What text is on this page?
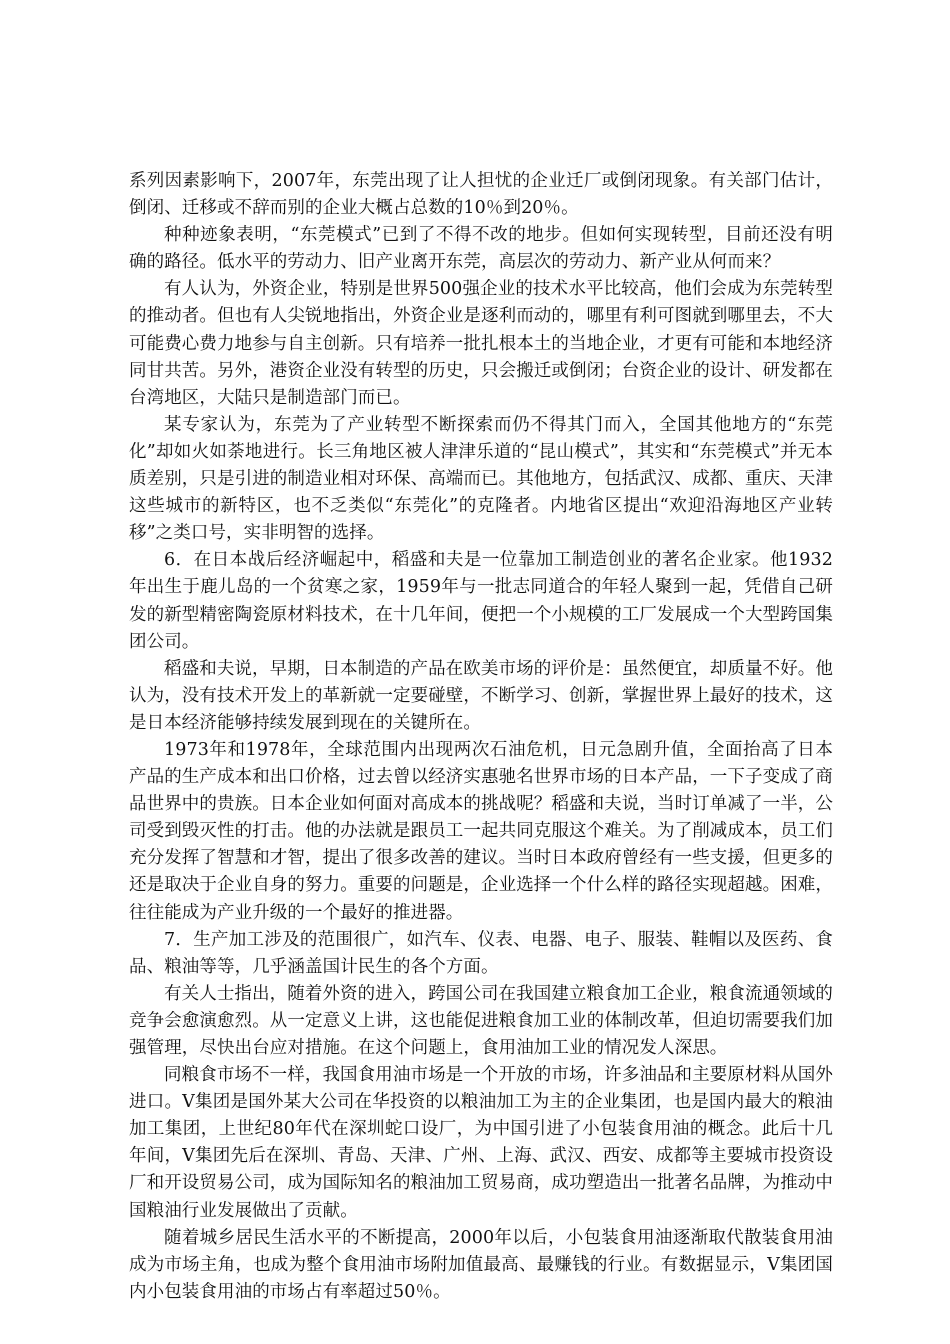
系列因素影响下，2007年，东莞出现了让人担忧的企业迁厂或倒闭现象。有关部门估计，倒闭、迁移或不辞而别的企业大概占总数的10％到20％。

种种迹象表明，“东莞模式”已到了不得不改的地步。但如何实现转型，目前还没有明确的路径。低水平的劳动力、旧产业离开东莞，高层次的劳动力、新产业从何而来？

有人认为，外资企业，特别是世界500强企业的技术水平比较高，他们会成为东莞转型的推动者。但也有人尖锐地指出，外资企业是逐利而动的，哪里有利可图就到哪里去，不大可能费心费力地参与自主创新。只有培养一批扎根本土的当地企业，才更有可能和本地经济同甘共苦。另外，港资企业没有转型的历史，只会搬迁或倒闭；台资企业的设计、研发都在台湾地区，大陆只是制造部门而已。

某专家认为，东莞为了产业转型不断探索而仍不得其门而入，全国其他地方的“东莞化”却如火如荼地进行。长三角地区被人津津乐道的“昆山模式”，其实和“东莞模式”并无本质差别，只是引进的制造业相对环保、高端而已。其他地方，包括武汉、成都、重庆、天津这些城市的新特区，也不乏类似“东莞化”的克隆者。内地省区提出“欢迎沿海地区产业转移”之类口号，实非明智的选择。

6．在日本战后经济崛起中，稻盛和夫是一位靠加工制造创业的著名企业家。他1932年出生于鹿儿岛的一个贫寒之家，1959年与一批志同道合的年轻人聚到一起，凭借自己研发的新型精密陶瓷原材料技术，在十几年间，便把一个小规模的工厂发展成一个大型跨国集团公司。

稻盛和夫说，早期，日本制造的产品在欧美市场的评价是：虽然便宜，却质量不好。他认为，没有技术开发上的革新就一定要碰壁，不断学习、创新，掌握世界上最好的技术，这是日本经济能够持续发展到现在的关键所在。

1973年和1978年，全球范围内出现两次石油危机，日元急剧升值，全面抬高了日本产品的生产成本和出口价格，过去曾以经济实惠驰名世界市场的日本产品，一下子变成了商品世界中的贵族。日本企业如何面对高成本的挑战呢？稻盛和夫说，当时订单减了一半，公司受到毁灭性的打击。他的办法就是跟员工一起共同克服这个难关。为了削减成本，员工们充分发挥了智慧和才智，提出了很多改善的建议。当时日本政府曾经有一些支援，但更多的还是取决于企业自身的努力。重要的问题是，企业选择一个什么样的路径实现超越。困难，往往能成为产业升级的一个最好的推进器。

7．生产加工涉及的范围很广，如汽车、仪表、电器、电子、服装、鞋帽以及医药、食品、粮油等等，几乎涵盖国计民生的各个方面。

有关人士指出，随着外资的进入，跨国公司在我国建立粮食加工企业，粮食流通领域的竞争会愈演愈烈。从一定意义上讲，这也能促进粮食加工业的体制改革，但迫切需要我们加强管理，尽快出台应对措施。在这个问题上，食用油加工业的情况发人深思。

同粮食市场不一样，我国食用油市场是一个开放的市场，许多油品和主要原材料从国外进口。V集团是国外某大公司在华投资的以粮油加工为主的企业集团，也是国内最大的粮油加工集团，上世纪80年代在深圳蛇口设厂，为中国引进了小包装食用油的概念。此后十几年间，V集团先后在深圳、青岛、天津、广州、上海、武汉、西安、成都等主要城市投资设厂和开设贸易公司，成为国际知名的粮油加工贸易商，成功塑造出一批著名品牌，为推动中国粮油行业发展做出了贡献。

随着城乡居民生活水平的不断提高，2000年以后，小包装食用油逐渐取代散装食用油成为市场主角，也成为整个食用油市场附加值最高、最赚钱的行业。有数据显示，V集团国内小包装食用油的市场占有率超过50％。
